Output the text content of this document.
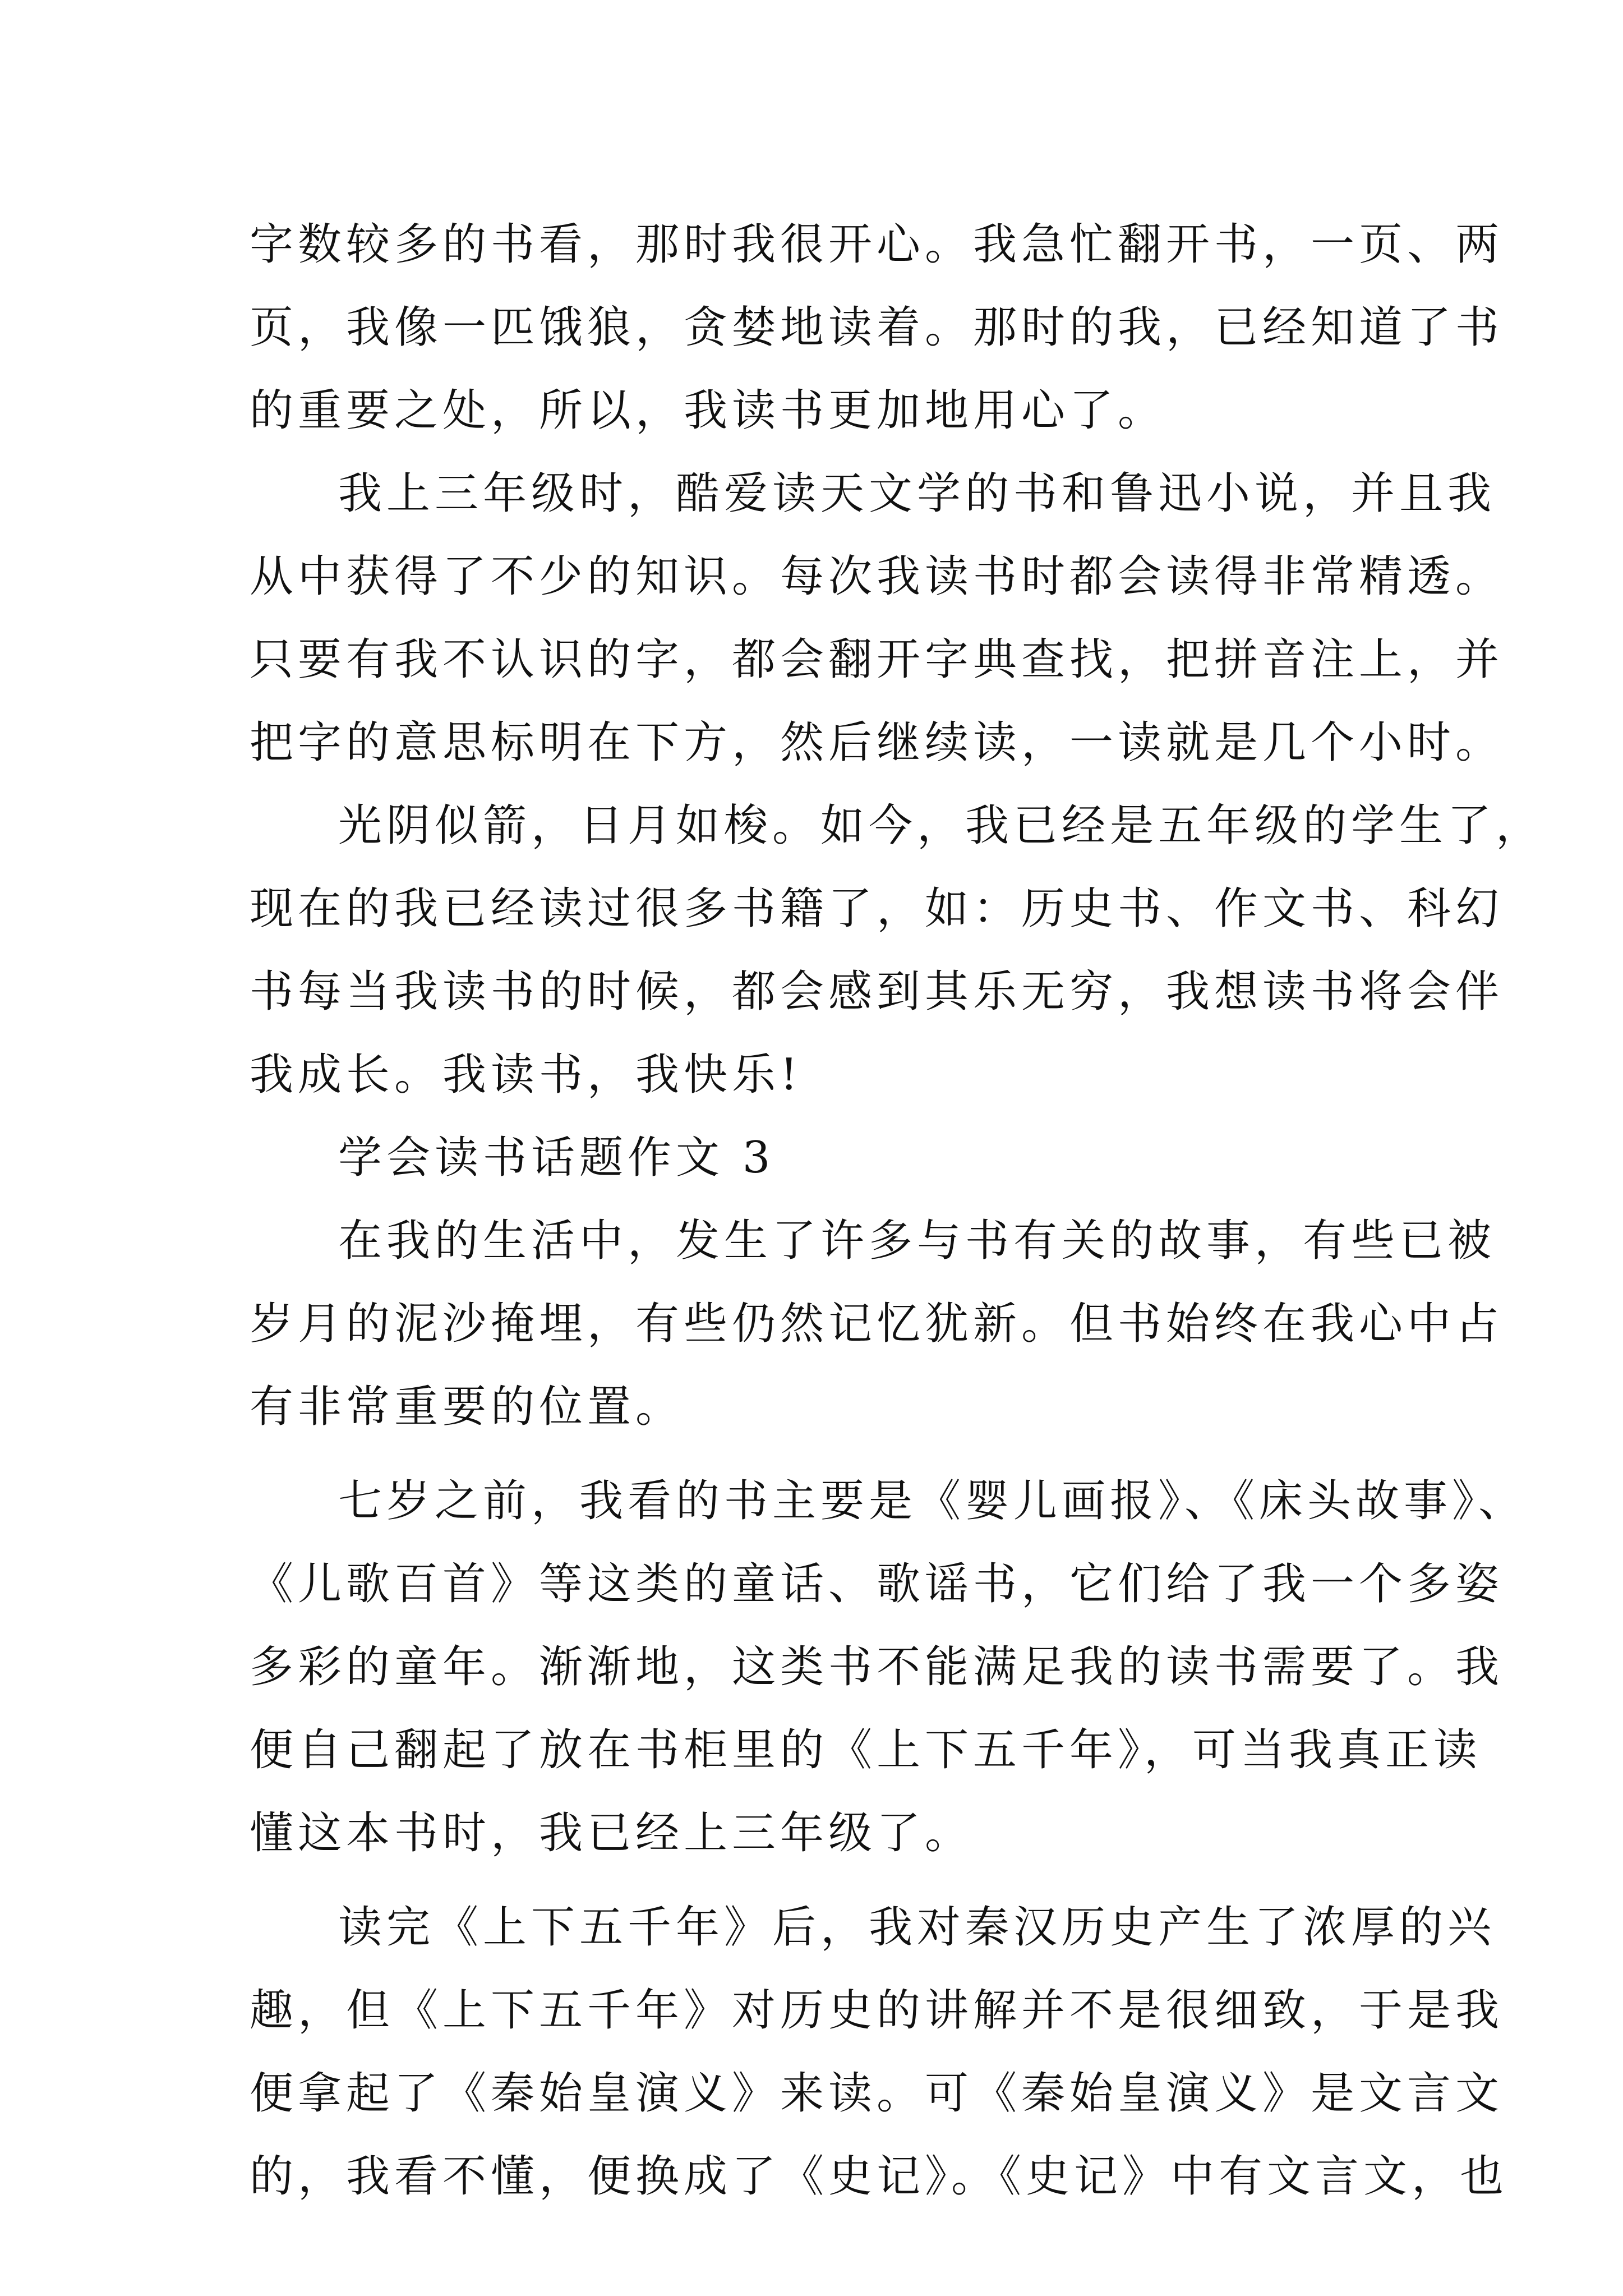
字数较多的书看，那时我很开心。我急忙翻开书，一页、两
页，我像一匹饿狼，贪婪地读着。那时的我，已经知道了书
的重要之处，所以，我读书更加地用心了。
我上三年级时，酷爱读天文学的书和鲁迅小说，并且我
从中获得了不少的知识。每次我读书时都会读得非常精透。
只要有我不认识的字，都会翻开字典查找，把拼音注上，并
把字的意思标明在下方，然后继续读，一读就是几个小时。
光阴似箭，日月如梭。如今，我已经是五年级的学生了，
现在的我已经读过很多书籍了，如：历史书、作文书、科幻
书每当我读书的时候，都会感到其乐无穷，我想读书将会伴
我成长。我读书，我快乐!
学会读书话题作文 3
在我的生活中，发生了许多与书有关的故事，有些已被
岁月的泥沙掩埋，有些仍然记忆犹新。但书始终在我心中占
有非常重要的位置。
七岁之前，我看的书主要是《婴儿画报》、《床头故事》、
《儿歌百首》等这类的童话、歌谣书，它们给了我一个多姿
多彩的童年。渐渐地，这类书不能满足我的读书需要了。我
便自己翻起了放在书柜里的《上下五千年》，可当我真正读
懂这本书时，我已经上三年级了。
读完《上下五千年》后，我对秦汉历史产生了浓厚的兴
趣，但《上下五千年》对历史的讲解并不是很细致，于是我
便拿起了《秦始皇演义》来读。可《秦始皇演义》是文言文
的，我看不懂，便换成了《史记》。《史记》中有文言文，也
